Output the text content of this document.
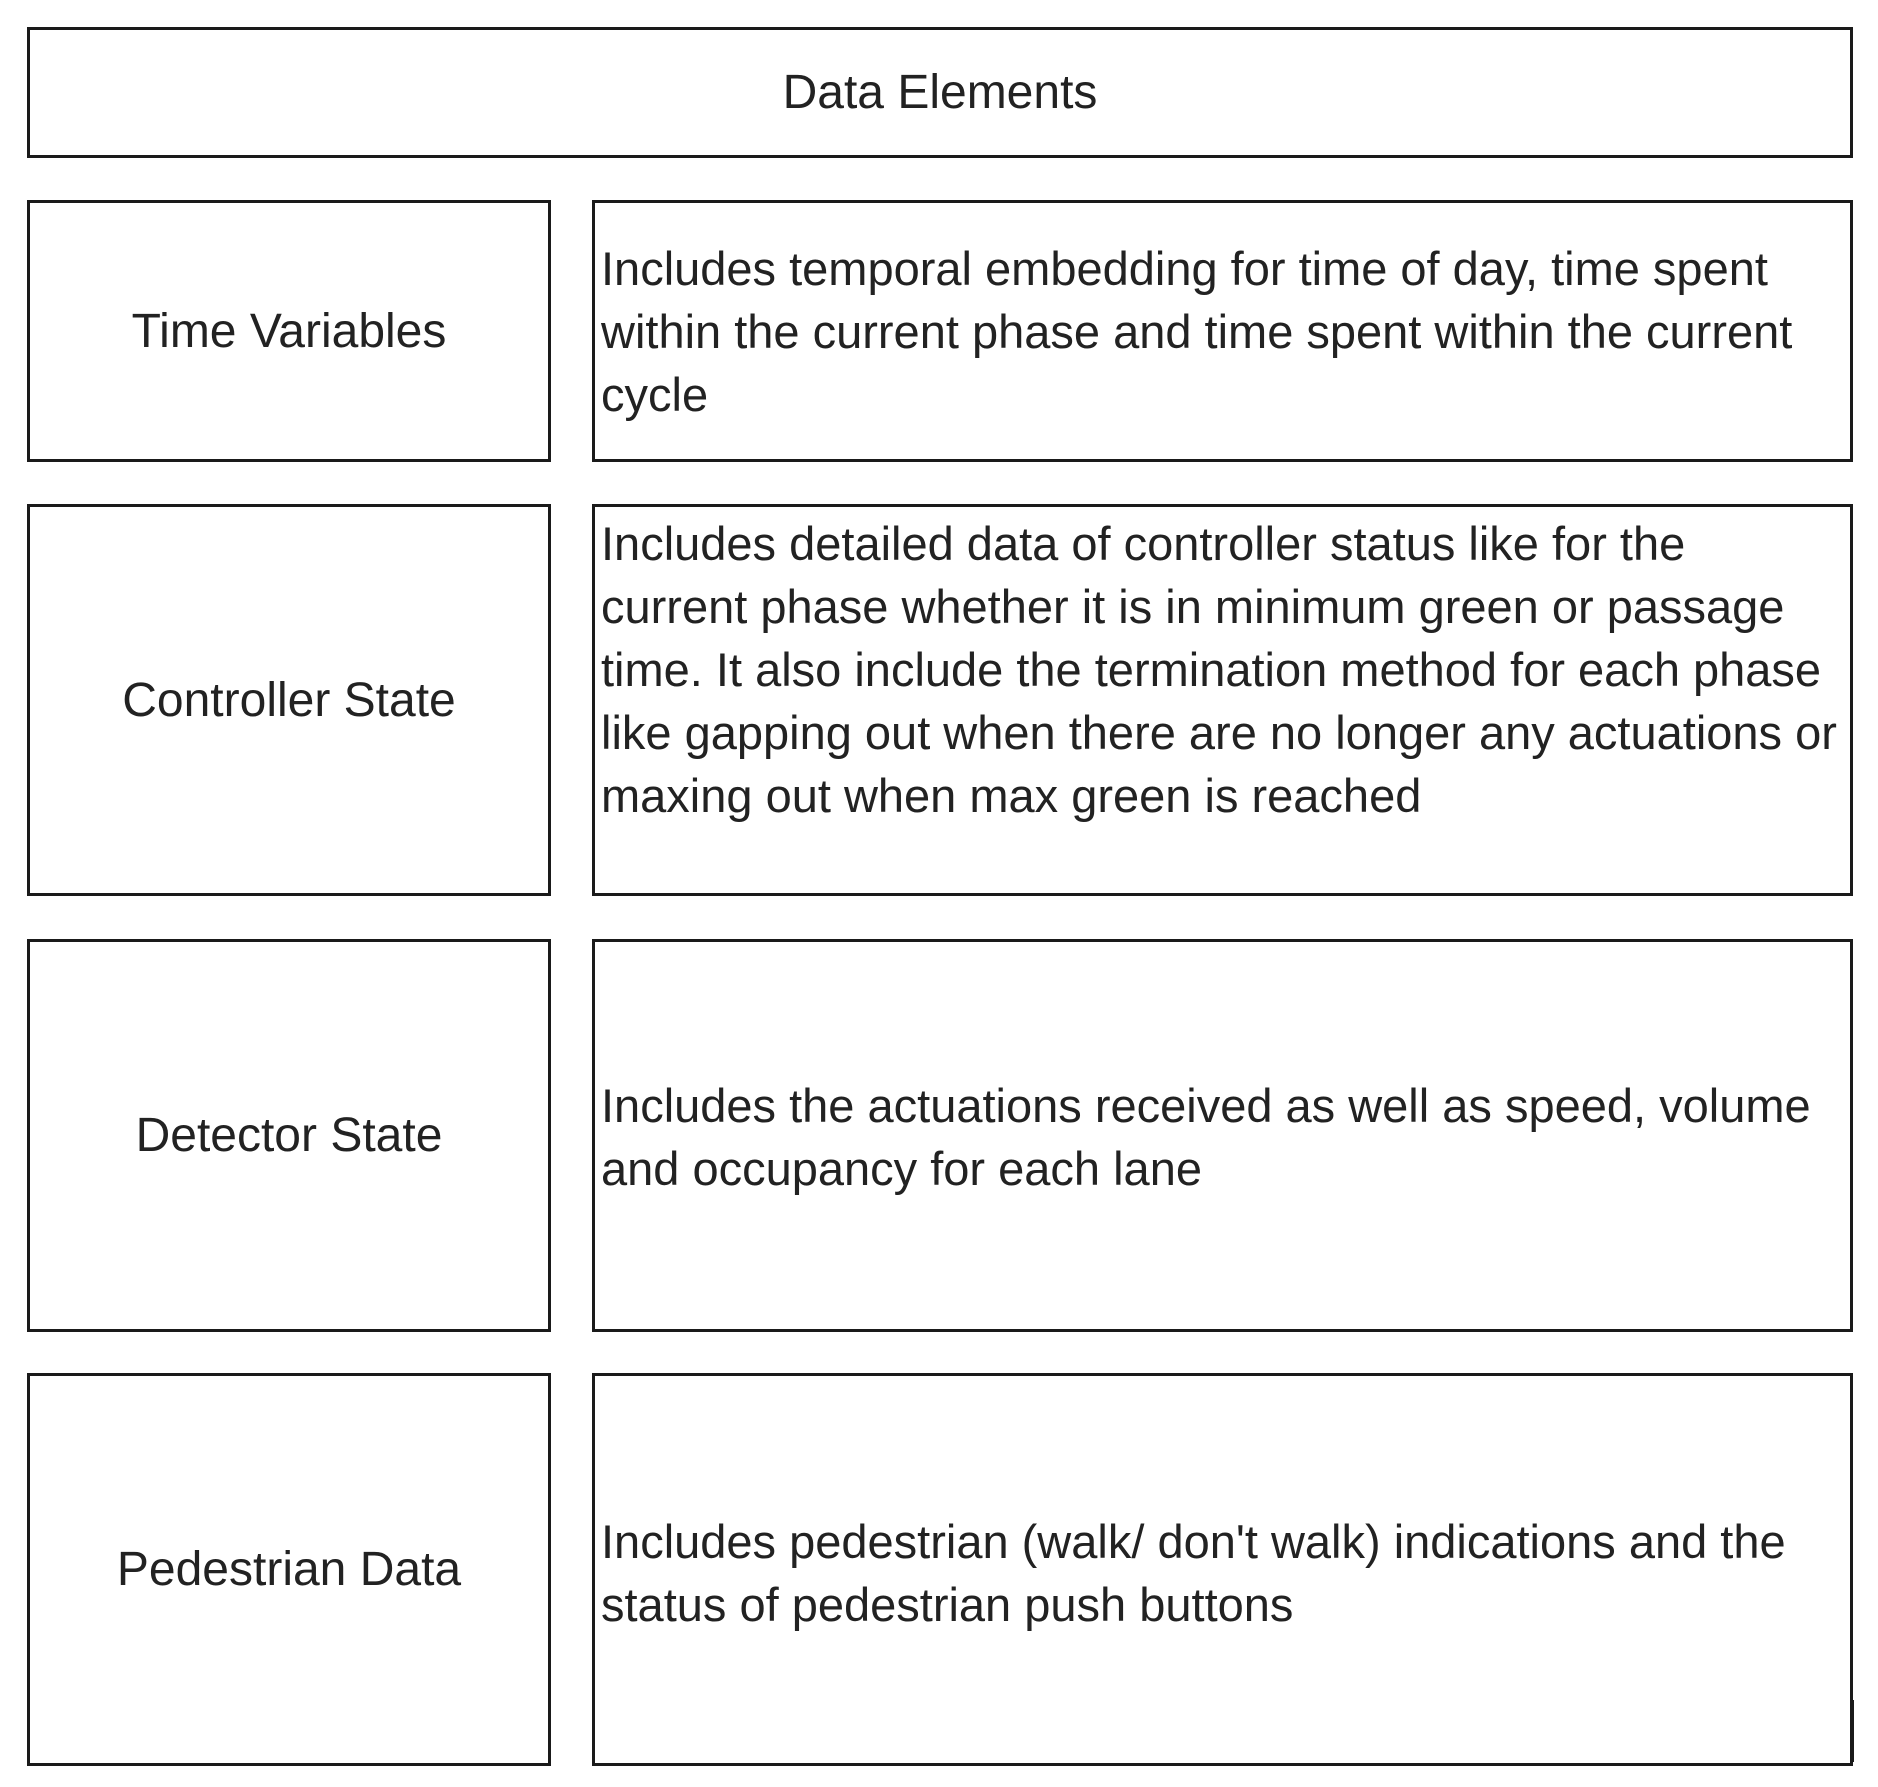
Data Elements
Time Variables
Includes temporal embedding for time of day, time spent within the current phase and time spent within the current cycle
Controller State
Includes detailed data of controller status like for the current phase whether it is in minimum green or passage time. It also include the termination method for each phase like gapping out when there are no longer any actuations or maxing out when max green is reached
Detector State
Includes the actuations received as well as speed, volume and occupancy for each lane
Pedestrian Data
Includes pedestrian (walk/ don't walk) indications and the status of pedestrian push buttons
